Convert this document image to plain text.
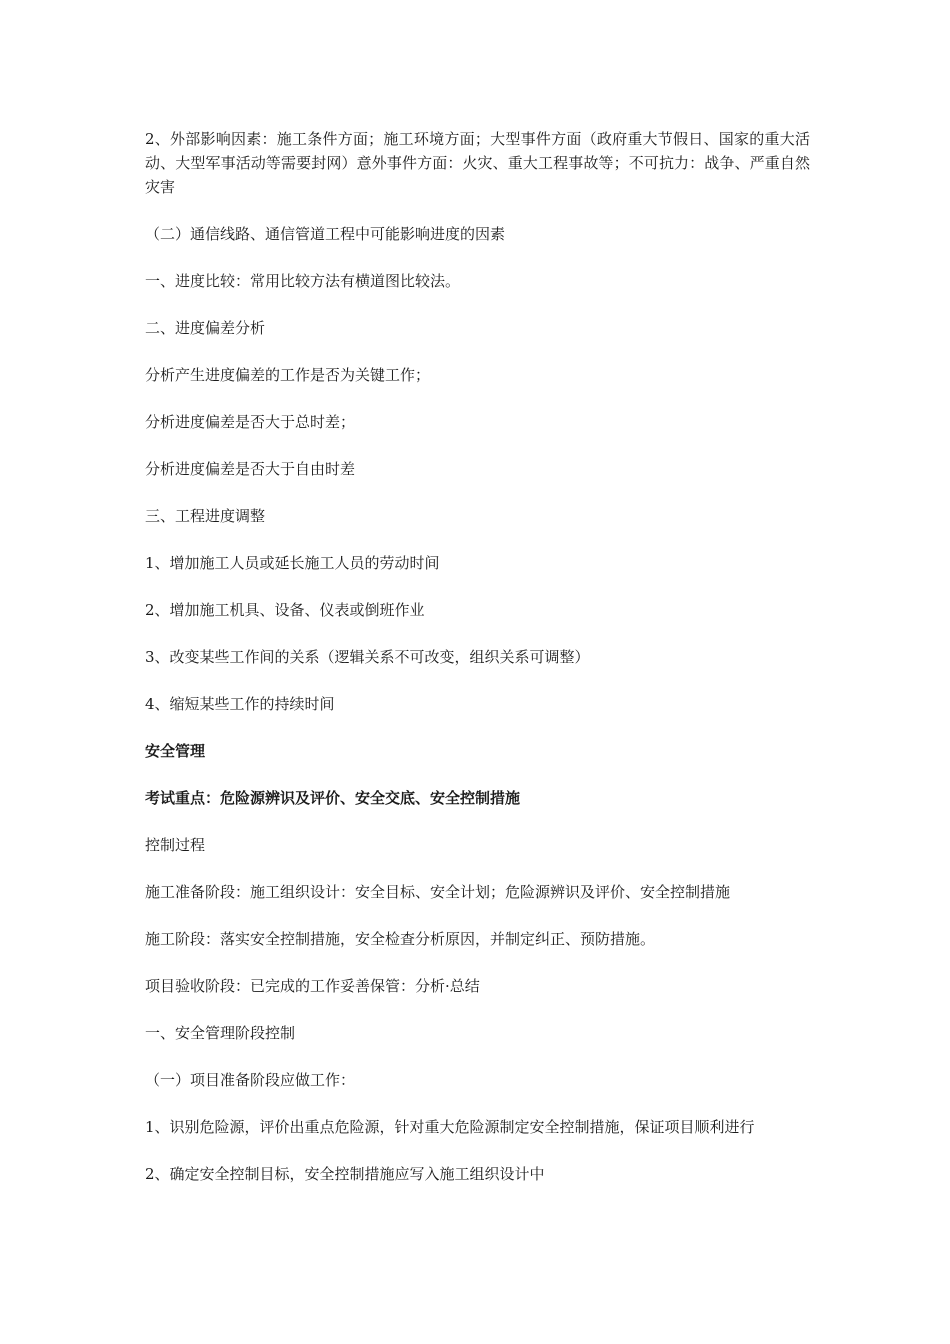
2、外部影响因素：施工条件方面；施工环境方面；大型事件方面（政府重大节假日、国家的重大活动、大型军事活动等需要封网）意外事件方面：火灾、重大工程事故等；不可抗力：战争、严重自然灾害

（二）通信线路、通信管道工程中可能影响进度的因素

一、进度比较：常用比较方法有横道图比较法。

二、进度偏差分析

分析产生进度偏差的工作是否为关键工作；

分析进度偏差是否大于总时差；

分析进度偏差是否大于自由时差

三、工程进度调整

1、增加施工人员或延长施工人员的劳动时间

2、增加施工机具、设备、仪表或倒班作业

3、改变某些工作间的关系（逻辑关系不可改变，组织关系可调整）

4、缩短某些工作的持续时间

安全管理

考试重点：危险源辨识及评价、安全交底、安全控制措施

控制过程

施工准备阶段：施工组织设计：安全目标、安全计划；危险源辨识及评价、安全控制措施

施工阶段：落实安全控制措施，安全检查分析原因，并制定纠正、预防措施。

项目验收阶段：已完成的工作妥善保管：分析·总结

一、安全管理阶段控制

（一）项目准备阶段应做工作：

1、识别危险源，评价出重点危险源，针对重大危险源制定安全控制措施，保证项目顺利进行

2、确定安全控制目标，安全控制措施应写入施工组织设计中
